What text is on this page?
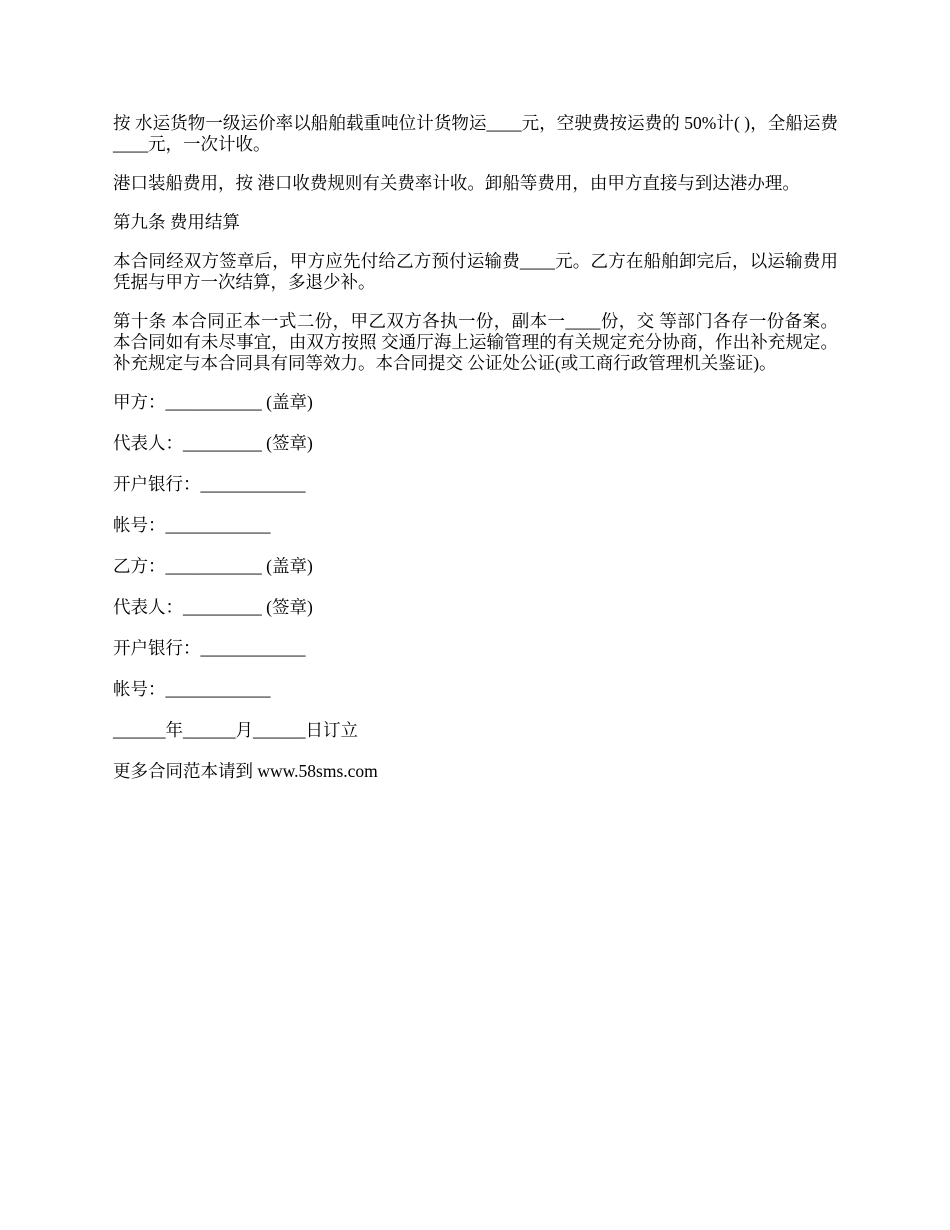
按 水运货物一级运价率以船舶载重吨位计货物运____元，空驶费按运费的 50%计( )，全船运费____元，一次计收。

港口装船费用，按 港口收费规则有关费率计收。卸船等费用，由甲方直接与到达港办理。

第九条 费用结算

本合同经双方签章后，甲方应先付给乙方预付运输费____元。乙方在船舶卸完后，以运输费用凭据与甲方一次结算，多退少补。

第十条 本合同正本一式二份，甲乙双方各执一份，副本一____份，交 等部门各存一份备案。本合同如有未尽事宜，由双方按照 交通厅海上运输管理的有关规定充分协商，作出补充规定。补充规定与本合同具有同等效力。本合同提交 公证处公证(或工商行政管理机关鉴证)。

甲方：___________ (盖章)

代表人：_________ (签章)

开户银行：____________

帐号：____________

乙方：___________ (盖章)

代表人：_________ (签章)

开户银行：____________

帐号：____________

______年______月______日订立

更多合同范本请到 www.58sms.com
